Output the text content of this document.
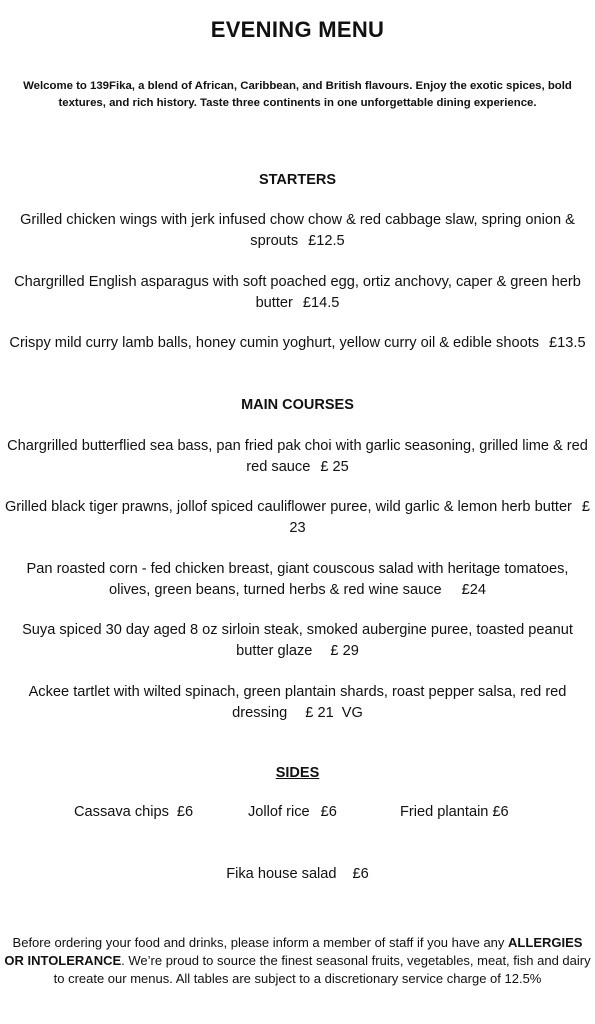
EVENING MENU
Welcome to 139Fika, a blend of African, Caribbean, and British flavours. Enjoy the exotic spices, bold textures, and rich history. Taste three continents in one unforgettable dining experience.
STARTERS
Grilled chicken wings with jerk infused chow chow & red cabbage slaw, spring onion & sprouts £12.5
Chargrilled English asparagus with soft poached egg, ortiz anchovy, caper & green herb butter £14.5
Crispy mild curry lamb balls, honey cumin yoghurt, yellow curry oil & edible shoots £13.5
MAIN COURSES
Chargrilled butterflied sea bass, pan fried pak choi with garlic seasoning, grilled lime & red red sauce £ 25
Grilled black tiger prawns, jollof spiced cauliflower puree, wild garlic & lemon herb butter £ 23
Pan roasted corn - fed chicken breast, giant couscous salad with heritage tomatoes, olives, green beans, turned herbs & red wine sauce £24
Suya spiced 30 day aged 8 oz sirloin steak, smoked aubergine puree, toasted peanut butter glaze £ 29
Ackee tartlet with wilted spinach, green plantain shards, roast pepper salsa, red red dressing £ 21  VG
SIDES
Cassava chips £6	Jollof rice £6	Fried plantain £6
Fika house salad £6
Before ordering your food and drinks, please inform a member of staff if you have any ALLERGIES OR INTOLERANCE. We’re proud to source the finest seasonal fruits, vegetables, meat, fish and dairy to create our menus. All tables are subject to a discretionary service charge of 12.5%
